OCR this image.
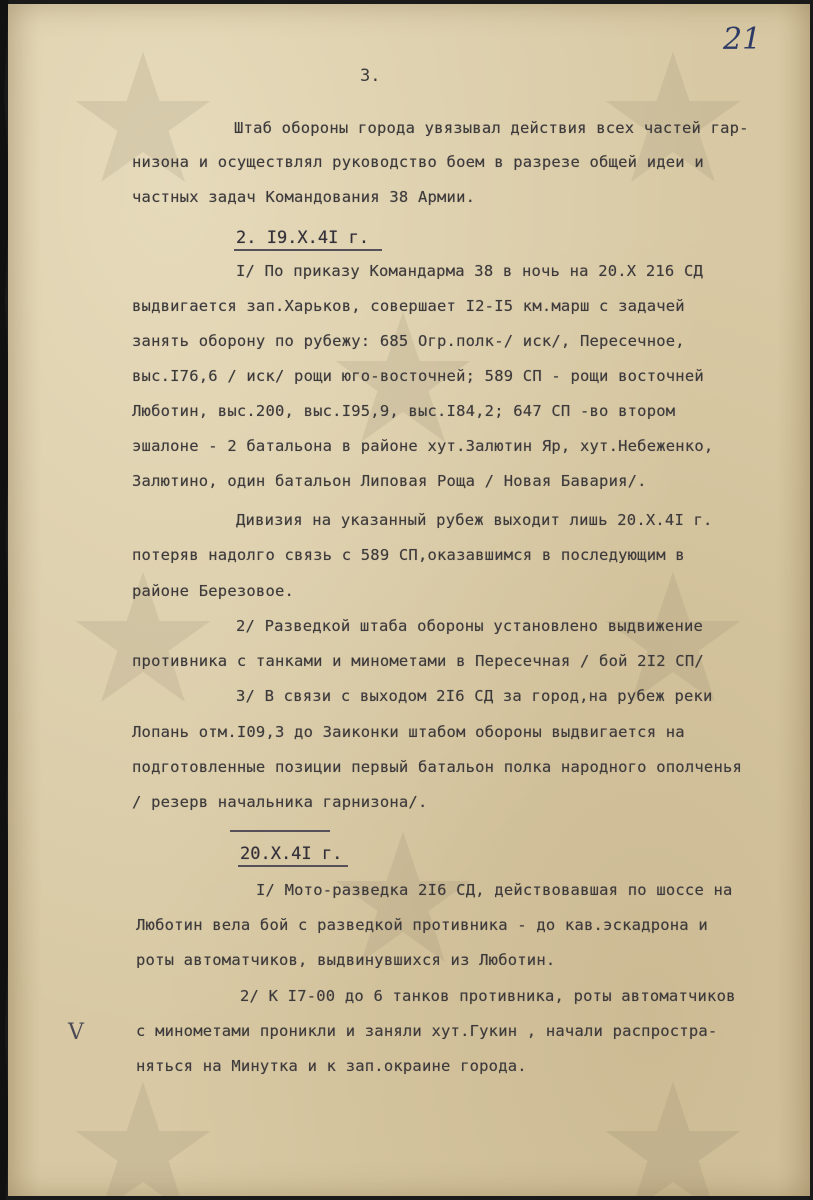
21
3.
Штаб обороны города увязывал действия всех частей гар-
низона и осуществлял руководство боем в разрезе общей идеи и
частных задач Командования 38 Армии.
2. I9.X.4I г.
I/ По приказу Командарма 38 в ночь на 20.X 216 СД
выдвигается зап.Харьков, совершает I2-I5 км.марш с задачей
занять оборону по рубежу: 685 Огр.полк-/ иск/, Пересечное,
выс.I76,6 / иск/ рощи юго-восточней; 589 СП - рощи восточней
Люботин, выс.200, выс.I95,9, выс.I84,2; 647 СП -во втором
эшалоне - 2 батальона в районе хут.Залютин Яр, хут.Небеженко,
Залютино, один батальон Липовая Роща / Новая Бавария/.
Дивизия на указанный рубеж выходит лишь 20.X.4I г.
потеряв надолго связь с 589 СП,оказавшимся в последующим в
районе Березовое.
2/ Разведкой штаба обороны установлено выдвижение
противника с танками и минометами в Пересечная / бой 2I2 СП/
3/ В связи с выходом 2I6 СД за город,на рубеж реки
Лопань отм.I09,3 до Заиконки штабом обороны выдвигается на
подготовленные позиции первый батальон полка народного ополченья
/ резерв начальника гарнизона/.
20.X.4I г.
I/ Мото-разведка 2I6 СД, действовавшая по шоссе на
Люботин вела бой с разведкой противника - до кав.эскадрона и
роты автоматчиков, выдвинувшихся из Люботин.
2/ К I7-00 до 6 танков противника, роты автоматчиков
с минометами проникли и заняли хут.Гукин , начали распростра-
няться на Минутка и к зап.окраине города.
V
